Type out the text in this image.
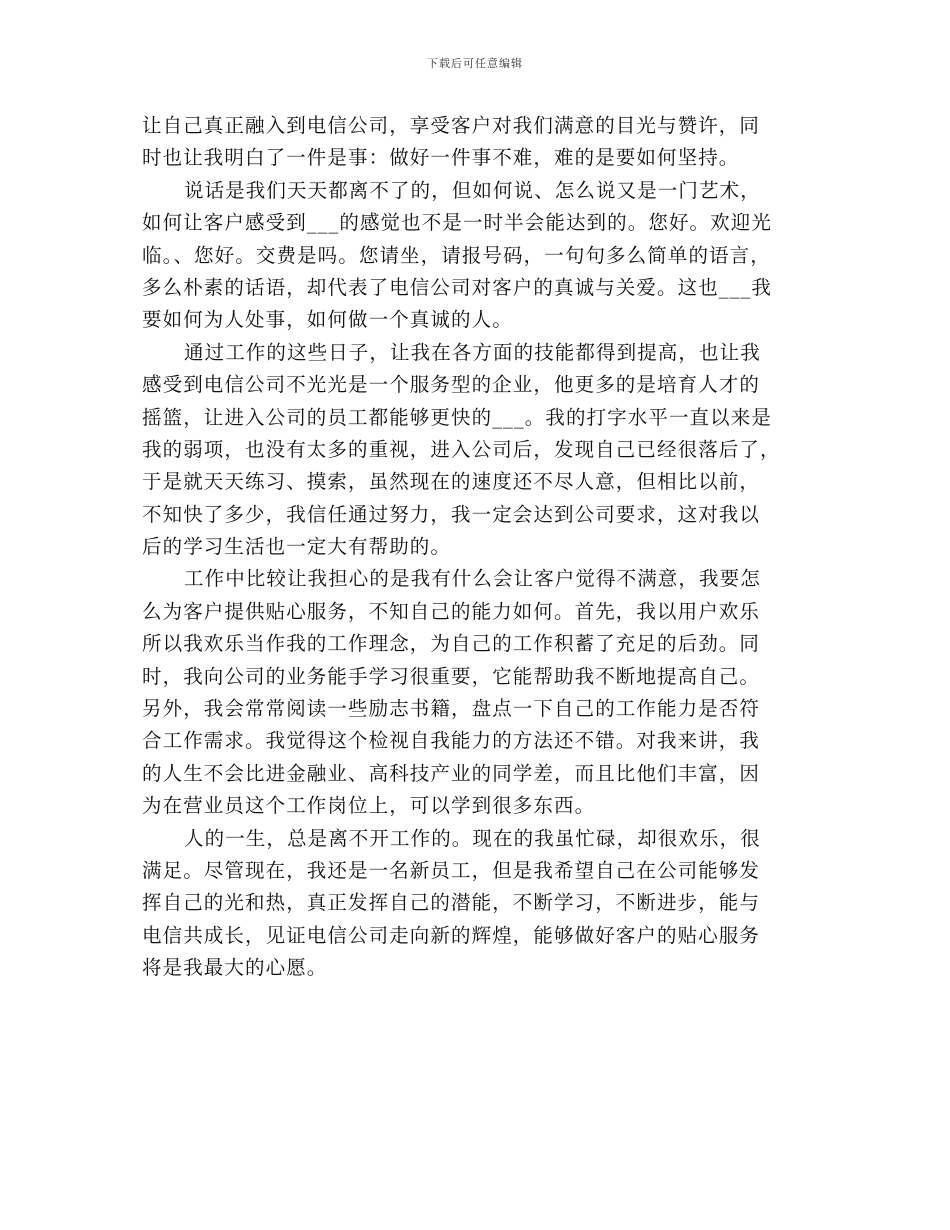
下载后可任意编辑
让自己真正融入到电信公司，享受客户对我们满意的目光与赞许，同
时也让我明白了一件是事：做好一件事不难，难的是要如何坚持。
说话是我们天天都离不了的，但如何说、怎么说又是一门艺术，
如何让客户感受到___的感觉也不是一时半会能达到的。您好。欢迎光
临。、您好。交费是吗。您请坐，请报号码，一句句多么简单的语言，
多么朴素的话语，却代表了电信公司对客户的真诚与关爱。这也___我
要如何为人处事，如何做一个真诚的人。
通过工作的这些日子，让我在各方面的技能都得到提高，也让我
感受到电信公司不光光是一个服务型的企业，他更多的是培育人才的
摇篮，让进入公司的员工都能够更快的___。我的打字水平一直以来是
我的弱项，也没有太多的重视，进入公司后，发现自己已经很落后了，
于是就天天练习、摸索，虽然现在的速度还不尽人意，但相比以前，
不知快了多少，我信任通过努力，我一定会达到公司要求，这对我以
后的学习生活也一定大有帮助的。
工作中比较让我担心的是我有什么会让客户觉得不满意，我要怎
么为客户提供贴心服务，不知自己的能力如何。首先，我以用户欢乐
所以我欢乐当作我的工作理念，为自己的工作积蓄了充足的后劲。同
时，我向公司的业务能手学习很重要，它能帮助我不断地提高自己。
另外，我会常常阅读一些励志书籍，盘点一下自己的工作能力是否符
合工作需求。我觉得这个检视自我能力的方法还不错。对我来讲，我
的人生不会比进金融业、高科技产业的同学差，而且比他们丰富，因
为在营业员这个工作岗位上，可以学到很多东西。
人的一生，总是离不开工作的。现在的我虽忙碌，却很欢乐，很
满足。尽管现在，我还是一名新员工，但是我希望自己在公司能够发
挥自己的光和热，真正发挥自己的潜能，不断学习，不断进步，能与
电信共成长，见证电信公司走向新的辉煌，能够做好客户的贴心服务
将是我最大的心愿。
